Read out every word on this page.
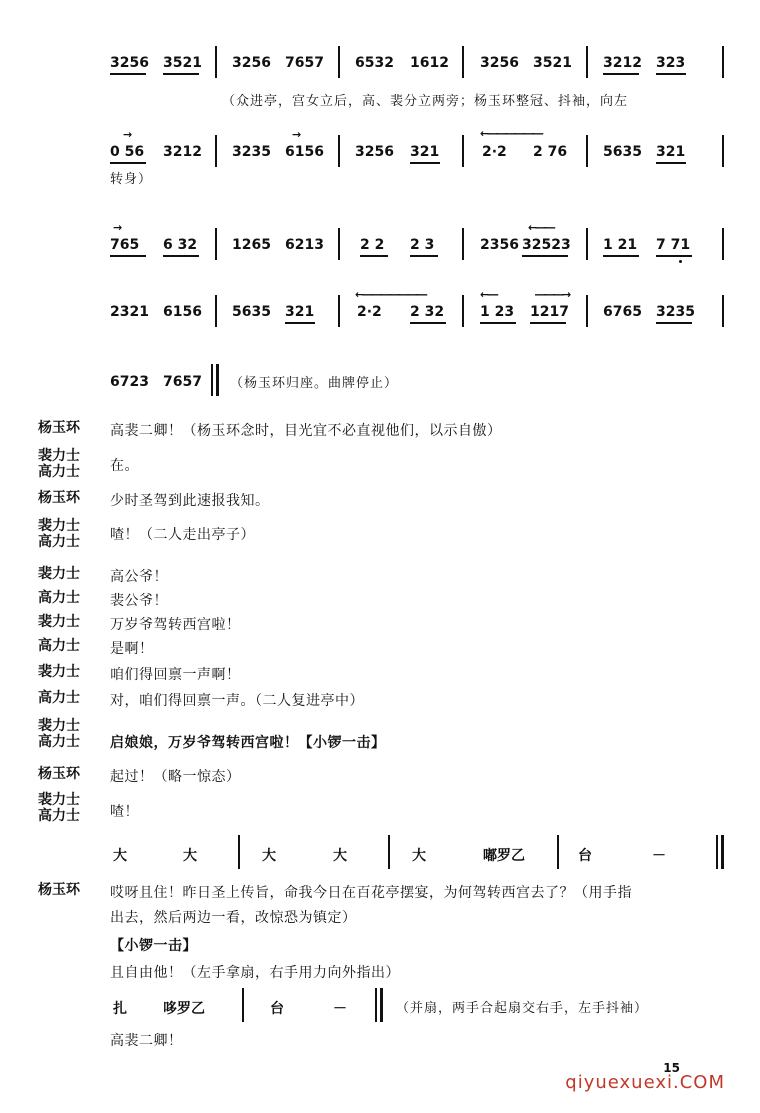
3256 3521 3256 7657 6532 1612 3256 3521 3212 323
（众进亭，宫女立后，高、裴分立两旁；杨玉环整冠、抖袖，向左
→
0 56 3212 3235 6156
→
3256 321
←――――――
2·2 2 76	5635 321
转身）
→
765 6 32 1265 6213	2 2 2 3	2356
←――
32523 1 21 7 71
2321 6156 5635 321
←―――――――
2·2 2 32
←―	―――→
1 23 1217 6765 3235
6723 7657 （杨玉环归座。曲牌停止）
杨玉环 高裴二卿！（杨玉环念时，目光宜不必直视他们，以示自傲）
裴力士
高力士 在。
杨玉环 少时圣驾到此速报我知。
裴力士
高力士 喳！（二人走出亭子）
裴力士 高公爷！
高力士 裴公爷！
裴力士 万岁爷驾转西宫啦！
高力士 是啊！
裴力士 咱们得回禀一声啊！
高力士 对，咱们得回禀一声。（二人复进亭中）
裴力士
高力士 启娘娘，万岁爷驾转西宫啦！【小锣一击】
杨玉环 起过！（略一惊态）
裴力士
高力士 喳！
大	大	大	大	大	嘟罗乙	台	－
杨玉环 哎呀且住！昨日圣上传旨，命我今日在百花亭摆宴，为何驾转西宫去了？（用手指
出去，然后两边一看，改惊恐为镇定）
【小锣一击】
且自由他！（左手拿扇，右手用力向外指出）
扎	哆罗乙	台	－	（并扇，两手合起扇交右手，左手抖袖）
高裴二卿！
15
qiyuexuexi.COM
